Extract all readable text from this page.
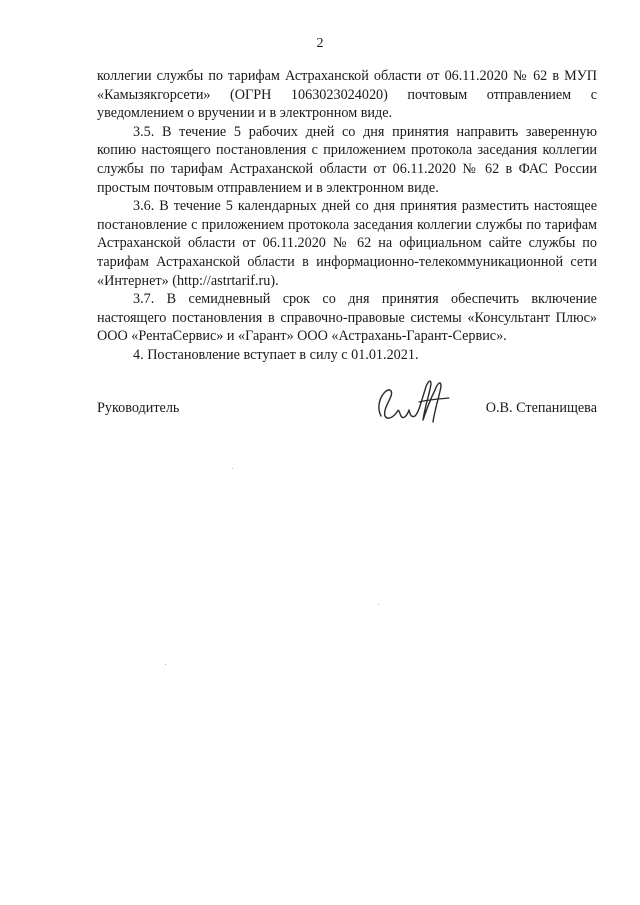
2

коллегии службы по тарифам Астраханской области от 06.11.2020 № 62 в МУП «Камызякгорсети» (ОГРН 1063023024020) почтовым отправлением с уведомлением о вручении и в электронном виде.

3.5. В течение 5 рабочих дней со дня принятия направить заверенную копию настоящего постановления с приложением протокола заседания коллегии службы по тарифам Астраханской области от 06.11.2020 № 62 в ФАС России простым почтовым отправлением и в электронном виде.

3.6. В течение 5 календарных дней со дня принятия разместить настоящее постановление с приложением протокола заседания коллегии службы по тарифам Астраханской области от 06.11.2020 № 62 на официальном сайте службы по тарифам Астраханской области в информационно-телекоммуникационной сети «Интернет» (http://astrtarif.ru).

3.7. В семидневный срок со дня принятия обеспечить включение настоящего постановления в справочно-правовые системы «Консультант Плюс» ООО «РентаСервис» и «Гарант» ООО «Астрахань-Гарант-Сервис».

4. Постановление вступает в силу с 01.01.2021.

Руководитель	О.В. Степанищева
